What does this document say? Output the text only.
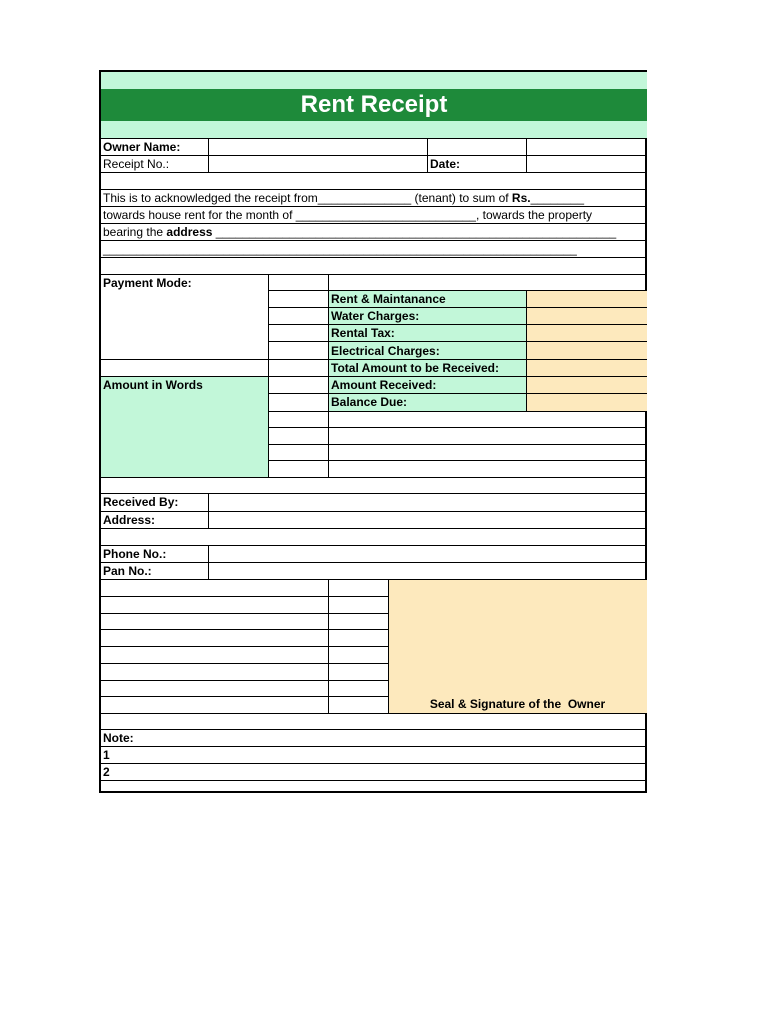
Rent Receipt
Owner Name:
Receipt No.:	Date:
This is to acknowledged the receipt from______________ (tenant) to sum of Rs.________
towards house rent for the month of ___________________________, towards the property
bearing the address ____________________________________________________________
_______________________________________________________________________
Payment Mode:
Amount in Words
Rent & Maintanance
Water Charges:
Rental Tax:
Electrical Charges:
Total Amount to be Received:
Amount Received:
Balance Due:
Received By:
Address:
Phone No.:
Pan No.:
Seal & Signature of the  Owner
Note:
1
2
